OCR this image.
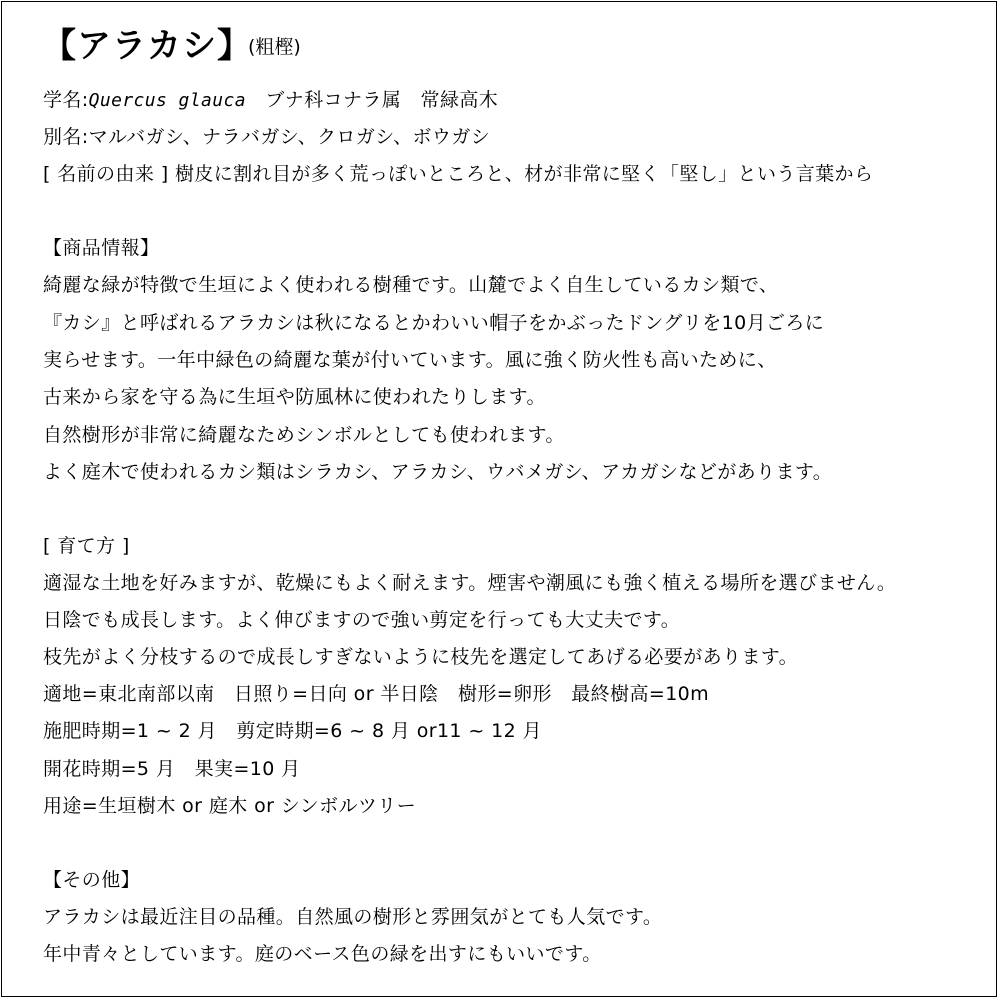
【アラカシ】
(粗樫)
学名:Quercus glauca　ブナ科コナラ属　常緑高木
別名:マルバガシ、ナラバガシ、クロガシ、ボウガシ
[ 名前の由来 ] 樹皮に割れ目が多く荒っぽいところと、材が非常に堅く「堅し」という言葉から
【商品情報】
綺麗な緑が特徴で生垣によく使われる樹種です。山麓でよく自生しているカシ類で、
『カシ』と呼ばれるアラカシは秋になるとかわいい帽子をかぶったドングリを10月ごろに
実らせます。一年中緑色の綺麗な葉が付いています。風に強く防火性も高いために、
古来から家を守る為に生垣や防風林に使われたりします。
自然樹形が非常に綺麗なためシンボルとしても使われます。
よく庭木で使われるカシ類はシラカシ、アラカシ、ウバメガシ、アカガシなどがあります。
[ 育て方 ]
適湿な土地を好みますが、乾燥にもよく耐えます。煙害や潮風にも強く植える場所を選びません。
日陰でも成長します。よく伸びますので強い剪定を行っても大丈夫です。
枝先がよく分枝するので成長しすぎないように枝先を選定してあげる必要があります。
適地=東北南部以南　日照り=日向 or 半日陰　樹形=卵形　最終樹高=10m
施肥時期=1 ~ 2 月　剪定時期=6 ~ 8 月 or11 ~ 12 月
開花時期=5 月　果実=10 月
用途=生垣樹木 or 庭木 or シンボルツリー
【その他】
アラカシは最近注目の品種。自然風の樹形と雰囲気がとても人気です。
年中青々としています。庭のベース色の緑を出すにもいいです。
